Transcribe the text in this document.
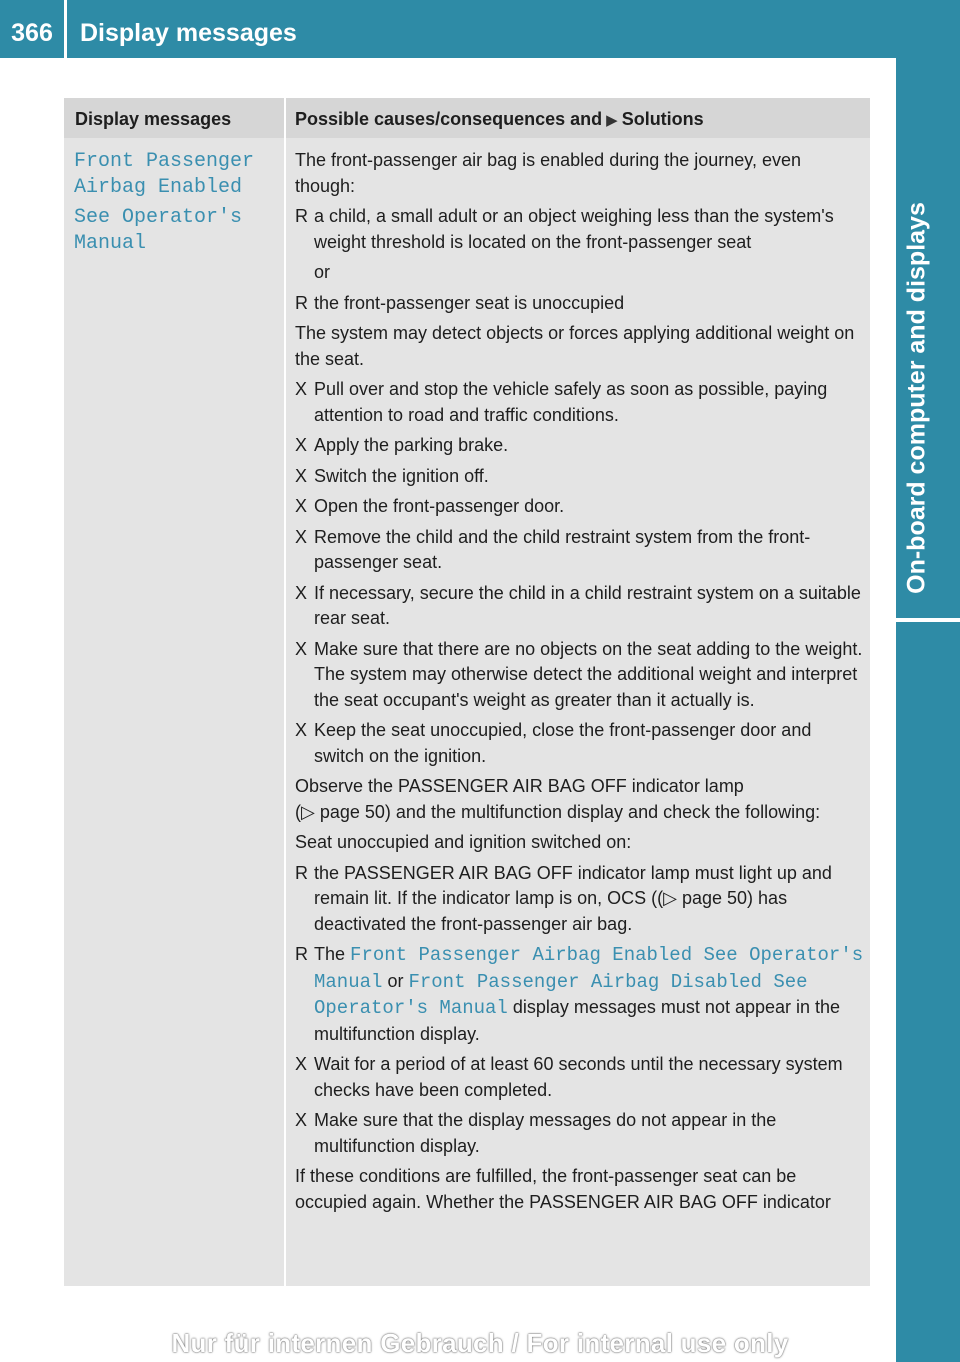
366	Display messages
On-board computer and displays
Display messages	Possible causes/consequences and ▶ Solutions

Front Passenger
Airbag Enabled

See Operator's
Manual

The front-passenger air bag is enabled during the journey, even though:
R a child, a small adult or an object weighing less than the system's weight threshold is located on the front-passenger seat
or
R the front-passenger seat is unoccupied
The system may detect objects or forces applying additional weight on the seat.
X Pull over and stop the vehicle safely as soon as possible, paying attention to road and traffic conditions.
X Apply the parking brake.
X Switch the ignition off.
X Open the front-passenger door.
X Remove the child and the child restraint system from the front-passenger seat.
X If necessary, secure the child in a child restraint system on a suitable rear seat.
X Make sure that there are no objects on the seat adding to the weight.
The system may otherwise detect the additional weight and interpret the seat occupant's weight as greater than it actually is.
X Keep the seat unoccupied, close the front-passenger door and switch on the ignition.
Observe the PASSENGER AIR BAG OFF indicator lamp
(▷ page 50) and the multifunction display and check the following:
Seat unoccupied and ignition switched on:
R the PASSENGER AIR BAG OFF indicator lamp must light up and remain lit. If the indicator lamp is on, OCS ((▷ page 50) has deactivated the front-passenger air bag.
R The Front Passenger Airbag Enabled See Operator's Manual or Front Passenger Airbag Disabled See Operator's Manual display messages must not appear in the multifunction display.
X Wait for a period of at least 60 seconds until the necessary system checks have been completed.
X Make sure that the display messages do not appear in the multifunction display.
If these conditions are fulfilled, the front-passenger seat can be occupied again. Whether the PASSENGER AIR BAG OFF indicator
Nur für internen Gebrauch / For internal use only
